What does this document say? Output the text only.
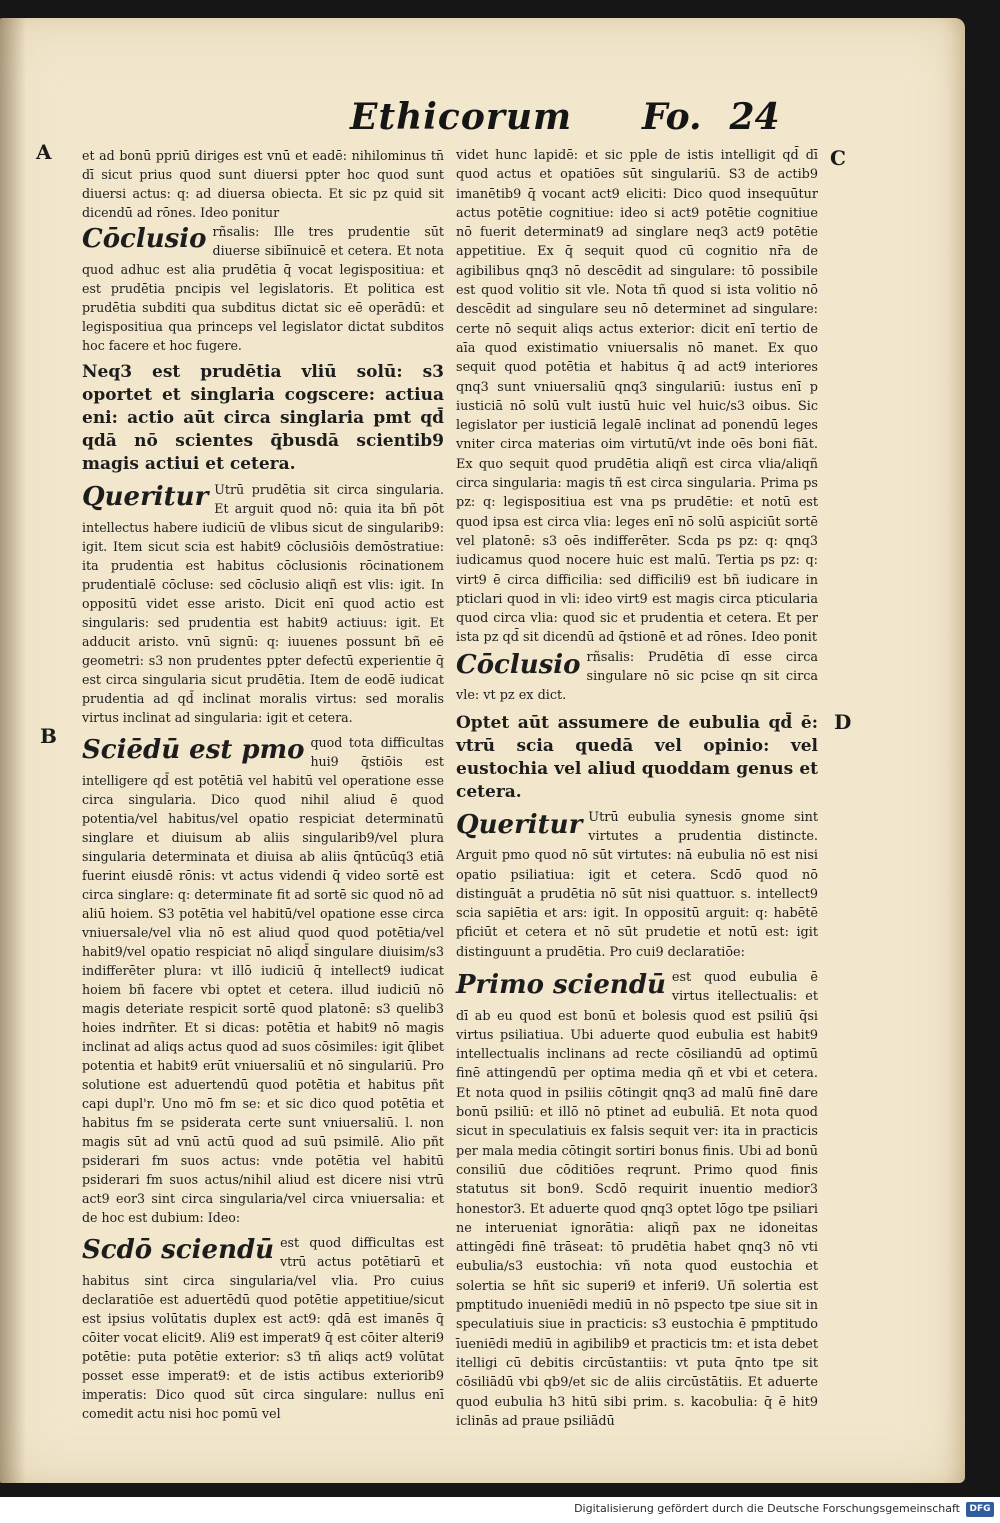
Ethicorum Fo. 24
A	C
B
D

et ad bonū ppriū diriges est vnū et eadē: nihilominus tn̄ dī sicut prius quod sunt diuersi ppter hoc quod sunt diuersi actus: q: ad diuersa obiecta. Et sic pz quid sit dicendū ad rōnes. Ideo ponitur

Cōclusio rñsalis: Ille tres prudentie sūt diuerse sibiīnuicē et cetera. Et nota quod adhuc est alia prudētia q̄ vocat legispositiua: et est prudētia pncipis vel legislatoris. Et politica est prudētia subditi qua subditus dictat sic eē operādū: et legispositiua qua princeps vel legislator dictat subditos hoc facere et hoc fugere.

Neq3 est prudētia vliū solū: s3 oportet et singlaria cogscere: actiua eni: actio aūt circa singlaria pmt qd̄ qdā nō scientes q̄busdā scientib9 magis actiui et cetera.

Queritur Utrū prudētia sit circa singularia. Et arguit quod nō: quia ita bñ pōt intellectus habere iudiciū de vlibus sicut de singularib9: igit. Item sicut scia est habit9 cōclusiōis demōstratiue: ita prudentia est habitus cōclusionis rōcinationem prudentialē cōcluse: sed cōclusio aliqñ est vlis: igit. In oppositū videt esse aristo. Dicit enī quod actio est singularis: sed prudentia est habit9 actiuus: igit. Et adducit aristo. vnū signū: q: iuuenes possunt bñ eē geometri: s3 non prudentes ppter defectū experientie q̄ est circa singularia sicut prudētia. Item de eodē iudicat prudentia ad qd̄ inclinat moralis virtus: sed moralis virtus inclinat ad singularia: igit et cetera.

Sciēdū est pmo quod tota difficultas hui9 q̄stiōis est intelligere qd̄ est potētiā vel habitū vel operatione esse circa singularia. Dico quod nihil aliud ē quod potentia/vel habitus/vel opatio respiciat determinatū singlare et diuisum ab aliis singularib9/vel plura singularia determinata et diuisa ab aliis q̄ntūcūq3 etiā fuerint eiusdē rōnis: vt actus videndi q̄ video sortē est circa singlare: q: determinate fit ad sortē sic quod nō ad aliū hoiem. S3 potētia vel habitū/vel opatione esse circa vniuersale/vel vlia nō est aliud quod quod potētia/vel habit9/vel opatio respiciat nō aliqd̄ singulare diuisim/s3 indifferēter plura: vt illō iudiciū q̄ intellect9 iudicat hoiem bñ facere vbi optet et cetera. illud iudiciū nō magis deteriate respicit sortē quod platonē: s3 quelib3 hoies indrñter. Et si dicas: potētia et habit9 nō magis inclinat ad aliqs actus quod ad suos cōsimiles: igit q̄libet potentia et habit9 erūt vniuersaliū et nō singulariū. Pro solutione est aduertendū quod potētia et habitus pñt capi dupl'r. Uno mō fm se: et sic dico quod potētia et habitus fm se psiderata certe sunt vniuersaliū. l. non magis sūt ad vnū actū quod ad suū psimilē. Alio pñt psiderari fm suos actus: vnde potētia vel habitū psiderari fm suos actus/nihil aliud est dicere nisi vtrū act9 eor3 sint circa singularia/vel circa vniuersalia: et de hoc est dubium: Ideo:

Scdō sciendū est quod difficultas est vtrū actus potētiarū et habitus sint circa singularia/vel vlia. Pro cuius declaratiōe est aduertēdū quod potētie appetitiue/sicut est ipsius volūtatis duplex est act9: qdā est imanēs q̄ cōiter vocat elicit9. Ali9 est imperat9 q̄ est cōiter alteri9 potētie: puta potētie exterior: s3 tñ aliqs act9 volūtat posset esse imperat9: et de istis actibus exteriorib9 imperatis: Dico quod sūt circa singulare: nullus enī comedit actu nisi hoc pomū vel

videt hunc lapidē: et sic pple de istis intelligit qd̄ dī quod actus et opatiōes sūt singulariū. S3 de actib9 imanētib9 q̄ vocant act9 eliciti: Dico quod insequūtur actus potētie cognitiue: ideo si act9 potētie cognitiue nō fuerit determinat9 ad singlare neq3 act9 potētie appetitiue. Ex q̄ sequit quod cū cognitio nr̄a de agibilibus qnq3 nō descēdit ad singulare: tō possibile est quod volitio sit vle. Nota tñ quod si ista volitio nō descēdit ad singulare seu nō determinet ad singulare: certe nō sequit aliqs actus exterior: dicit enī tertio de aīa quod existimatio vniuersalis nō manet. Ex quo sequit quod potētia et habitus q̄ ad act9 interiores qnq3 sunt vniuersaliū qnq3 singulariū: iustus enī p iusticiā nō solū vult iustū huic vel huic/s3 oibus. Sic legislator per iusticiā legalē inclinat ad ponendū leges vniter circa materias oim virtutū/vt inde oēs boni fiāt. Ex quo sequit quod prudētia aliqñ est circa vlia/aliqñ circa singularia: magis tñ est circa singularia. Prima ps pz: q: legispositiua est vna ps prudētie: et notū est quod ipsa est circa vlia: leges enī nō solū aspiciūt sortē vel platonē: s3 oēs indifferēter. Scda ps pz: q: qnq3 iudicamus quod nocere huic est malū. Tertia ps pz: q: virt9 ē circa difficilia: sed difficili9 est bñ iudicare in pticlari quod in vli: ideo virt9 est magis circa pticularia quod circa vlia: quod sic et prudentia et cetera. Et per ista pz qd̄ sit dicendū ad q̄stionē et ad rōnes. Ideo ponit

Cōclusio rñsalis: Prudētia dī esse circa singulare nō sic pcise qn sit circa vle: vt pz ex dict.

Optet aūt assumere de eubulia qd̄ ē: vtrū scia quedā vel opinio: vel eustochia vel aliud quoddam genus et cetera.

Queritur Utrū eubulia synesis gnome sint virtutes a prudentia distincte. Arguit pmo quod nō sūt virtutes: nā eubulia nō est nisi opatio psiliatiua: igit et cetera. Scdō quod nō distinguāt a prudētia nō sūt nisi quattuor. s. intellect9 scia sapiētia et ars: igit. In oppositū arguit: q: habētē pficiūt et cetera et nō sūt prudetie et notū est: igit distinguunt a prudētia. Pro cui9 declaratiōe:

Primo sciendū est quod eubulia ē virtus itellectualis: et dī ab eu quod est bonū et bolesis quod est psiliū q̄si virtus psiliatiua. Ubi aduerte quod eubulia est habit9 intellectualis inclinans ad recte cōsiliandū ad optimū finē attingendū per optima media qñ et vbi et cetera. Et nota quod in psiliis cōtingit qnq3 ad malū finē dare bonū psiliū: et illō nō ptinet ad eubuliā. Et nota quod sicut in speculatiuis ex falsis sequit ver: ita in practicis per mala media cōtingit sortiri bonus finis. Ubi ad bonū consiliū due cōditiōes reqrunt. Primo quod finis statutus sit bon9. Scdō requirit inuentio medior3 honestor3. Et aduerte quod qnq3 optet lōgo tpe psiliari ne interueniat ignorātia: aliqñ pax ne idoneitas attingēdi finē trāseat: tō prudētia habet qnq3 nō vti eubulia/s3 eustochia: vñ nota quod eustochia et solertia se hñt sic superi9 et inferi9. Uñ solertia est pmptitudo inueniēdi mediū in nō pspecto tpe siue sit in speculatiuis siue in practicis: s3 eustochia ē pmptitudo īueniēdi mediū in agibilib9 et practicis tm: et ista debet itelligi cū debitis circūstantiis: vt puta q̄nto tpe sit cōsiliādū vbi qb9/et sic de aliis circūstātiis. Et aduerte quod eubulia h3 hitū sibi prim. s. kacobulia: q̄ ē hit9 iclinās ad praue psiliādū

Digitalisierung gefördert durch die Deutsche Forschungsgemeinschaft	DFG
